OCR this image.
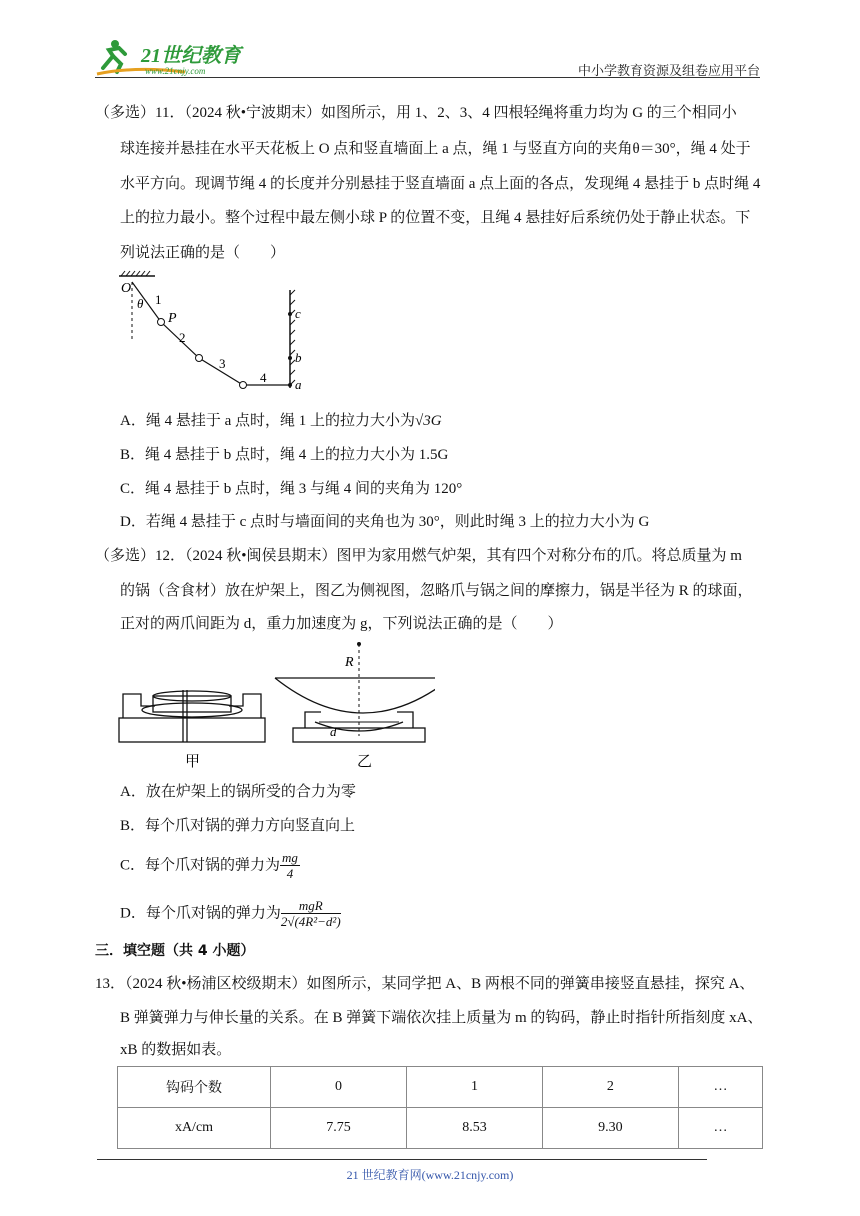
21世纪教育
www.21cnjy.com	中小学教育资源及组卷应用平台
（多选）11．（2024 秋•宁波期末）如图所示，用 1、2、3、4 四根轻绳将重力均为 G 的三个相同小
球连接并悬挂在水平天花板上 O 点和竖直墙面上 a 点，绳 1 与竖直方向的夹角θ＝30°，绳 4 处于
水平方向。现调节绳 4 的长度并分别悬挂于竖直墙面 a 点上面的各点，发现绳 4 悬挂于 b 点时绳 4
上的拉力最小。整个过程中最左侧小球 P 的位置不变，且绳 4 悬挂好后系统仍处于静止状态。下
列说法正确的是（　　）
O
θ 1
P
2
3
4
c
b
a
A．绳 4 悬挂于 a 点时，绳 1 上的拉力大小为√3G
B．绳 4 悬挂于 b 点时，绳 4 上的拉力大小为 1.5G
C．绳 4 悬挂于 b 点时，绳 3 与绳 4 间的夹角为 120°
D．若绳 4 悬挂于 c 点时与墙面间的夹角也为 30°，则此时绳 3 上的拉力大小为 G
（多选）12．（2024 秋•闽侯县期末）图甲为家用燃气炉架，其有四个对称分布的爪。将总质量为 m
的锅（含食材）放在炉架上，图乙为侧视图，忽略爪与锅之间的摩擦力，锅是半径为 R 的球面，
正对的两爪间距为 d，重力加速度为 g，下列说法正确的是（　　）
甲
R
d
乙
A．放在炉架上的锅所受的合力为零
B．每个爪对锅的弹力方向竖直向上
C．每个爪对锅的弹力为 $\frac{mg}{4}$
D．每个爪对锅的弹力为 $\frac{\text{mgR}}{\text{2√(4R²−d²)}}$
三．填空题（共 4 小题）
13．（2024 秋•杨浦区校级期末）如图所示，某同学把 A、B 两根不同的弹簧串接竖直悬挂，探究 A、
B 弹簧弹力与伸长量的关系。在 B 弹簧下端依次挂上质量为 m 的钩码，静止时指针所指刻度 xA、
xB 的数据如表。
钩码个数	0	1	2	…
xA/cm	7.75	8.53	9.30	…
21 世纪教育网(www.21cnjy.com)
